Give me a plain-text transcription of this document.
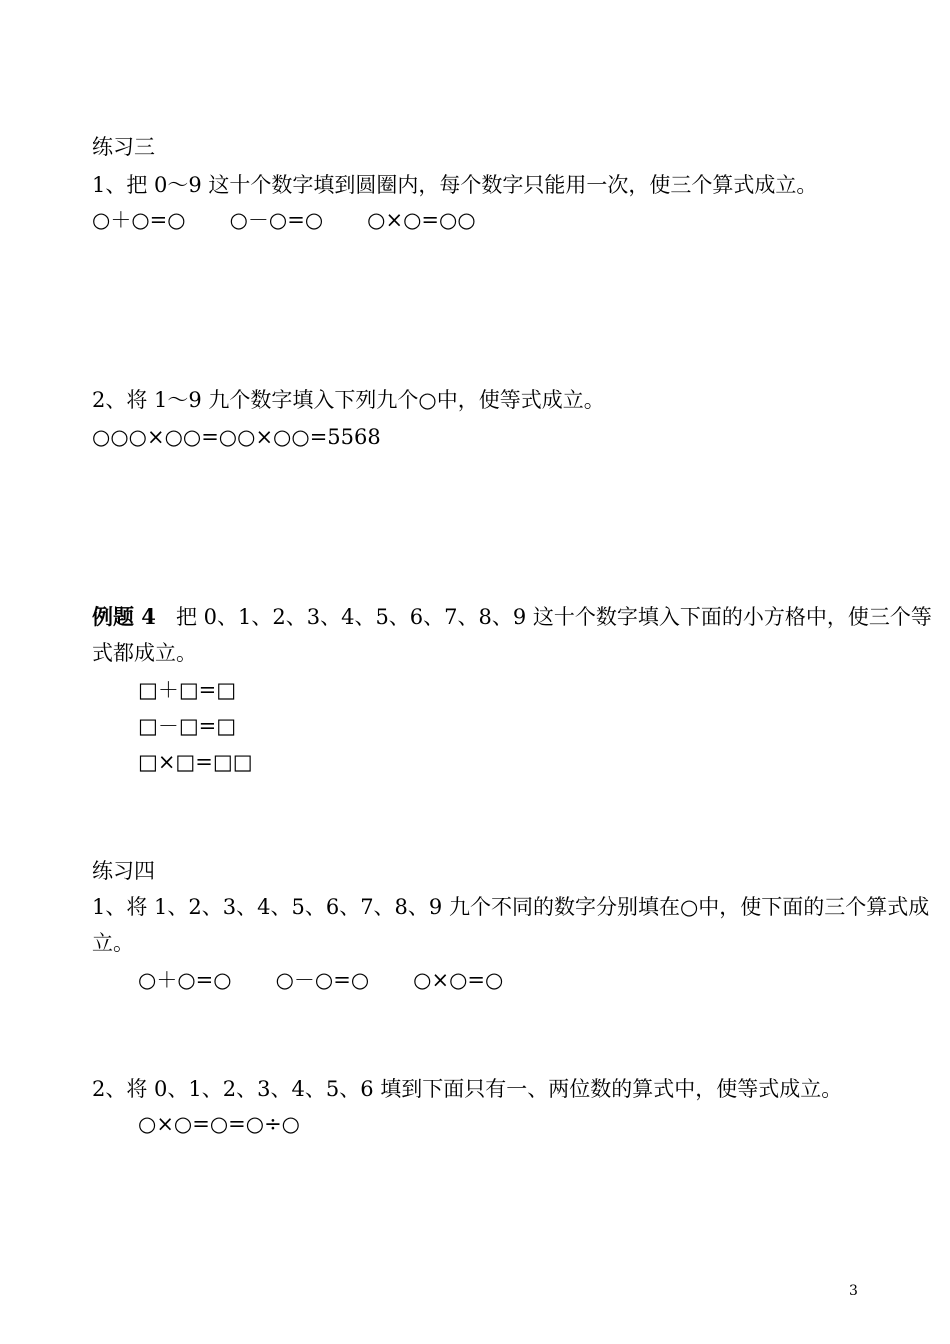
练习三
1、把 0～9 这十个数字填到圆圈内，每个数字只能用一次，使三个算式成立。
○＋○=○ ○－○=○ ○×○=○○
2、将 1～9 九个数字填入下列九个○中，使等式成立。
○○○×○○=○○×○○=5568
例题 4 把 0、1、2、3、4、5、6、7、8、9 这十个数字填入下面的小方格中，使三个等
式都成立。
□＋□=□
□－□=□
□×□=□□
练习四
1、将 1、2、3、4、5、6、7、8、9 九个不同的数字分别填在○中，使下面的三个算式成
立。
○＋○=○ ○－○=○ ○×○=○
2、将 0、1、2、3、4、5、6 填到下面只有一、两位数的算式中，使等式成立。
○×○=○=○÷○
3
